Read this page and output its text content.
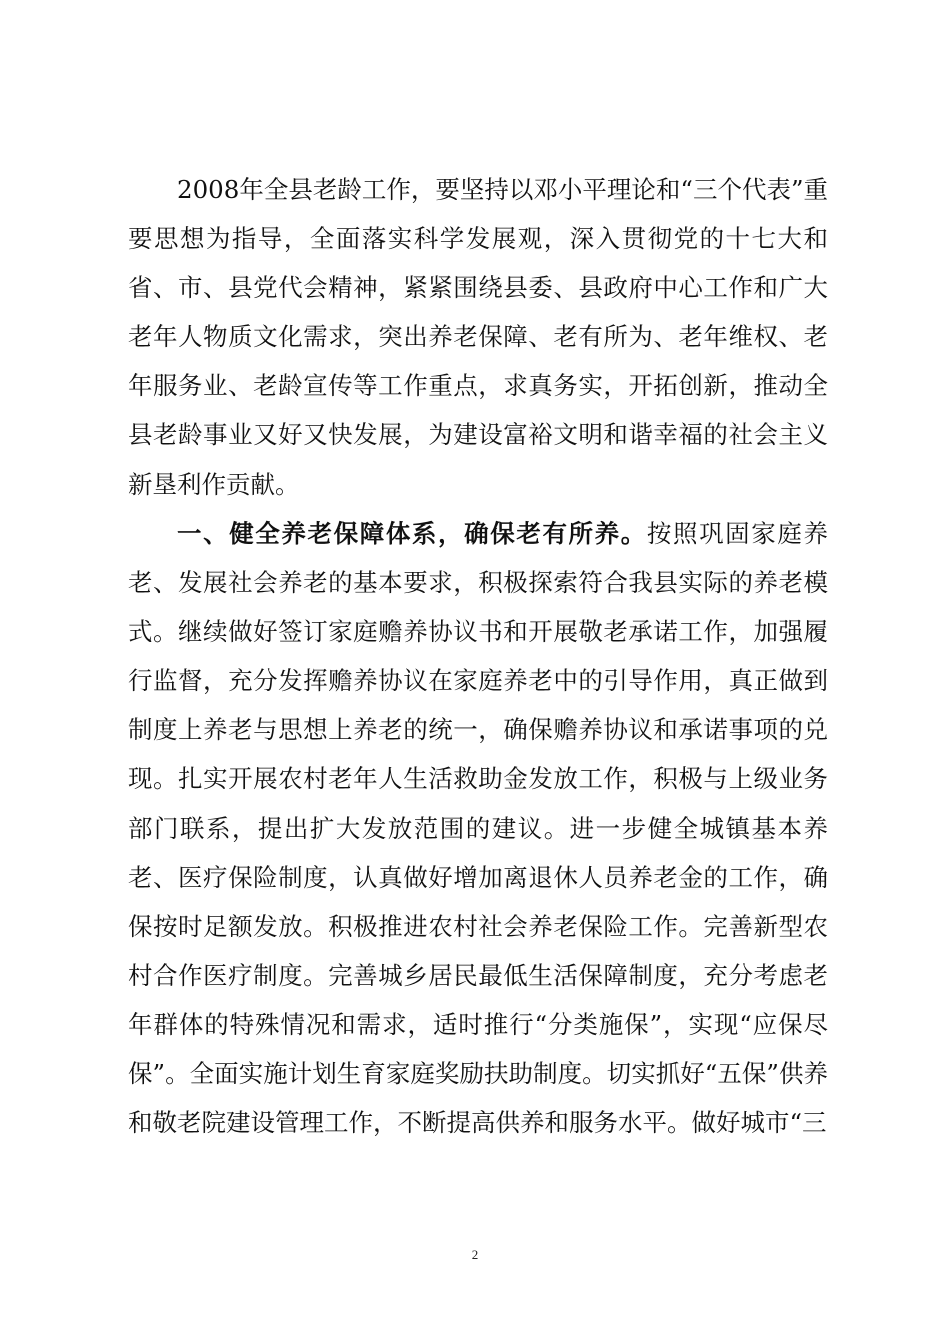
2008年全县老龄工作，要坚持以邓小平理论和“三个代表”重要思想为指导，全面落实科学发展观，深入贯彻党的十七大和省、市、县党代会精神，紧紧围绕县委、县政府中心工作和广大老年人物质文化需求，突出养老保障、老有所为、老年维权、老年服务业、老龄宣传等工作重点，求真务实，开拓创新，推动全县老龄事业又好又快发展，为建设富裕文明和谐幸福的社会主义新垦利作贡献。

一、健全养老保障体系，确保老有所养。按照巩固家庭养老、发展社会养老的基本要求，积极探索符合我县实际的养老模式。继续做好签订家庭赡养协议书和开展敬老承诺工作，加强履行监督，充分发挥赡养协议在家庭养老中的引导作用，真正做到制度上养老与思想上养老的统一，确保赡养协议和承诺事项的兑现。扎实开展农村老年人生活救助金发放工作，积极与上级业务部门联系，提出扩大发放范围的建议。进一步健全城镇基本养老、医疗保险制度，认真做好增加离退休人员养老金的工作，确保按时足额发放。积极推进农村社会养老保险工作。完善新型农村合作医疗制度。完善城乡居民最低生活保障制度，充分考虑老年群体的特殊情况和需求，适时推行“分类施保”，实现“应保尽保”。全面实施计划生育家庭奖励扶助制度。切实抓好“五保”供养和敬老院建设管理工作，不断提高供养和服务水平。做好城市“三

2
